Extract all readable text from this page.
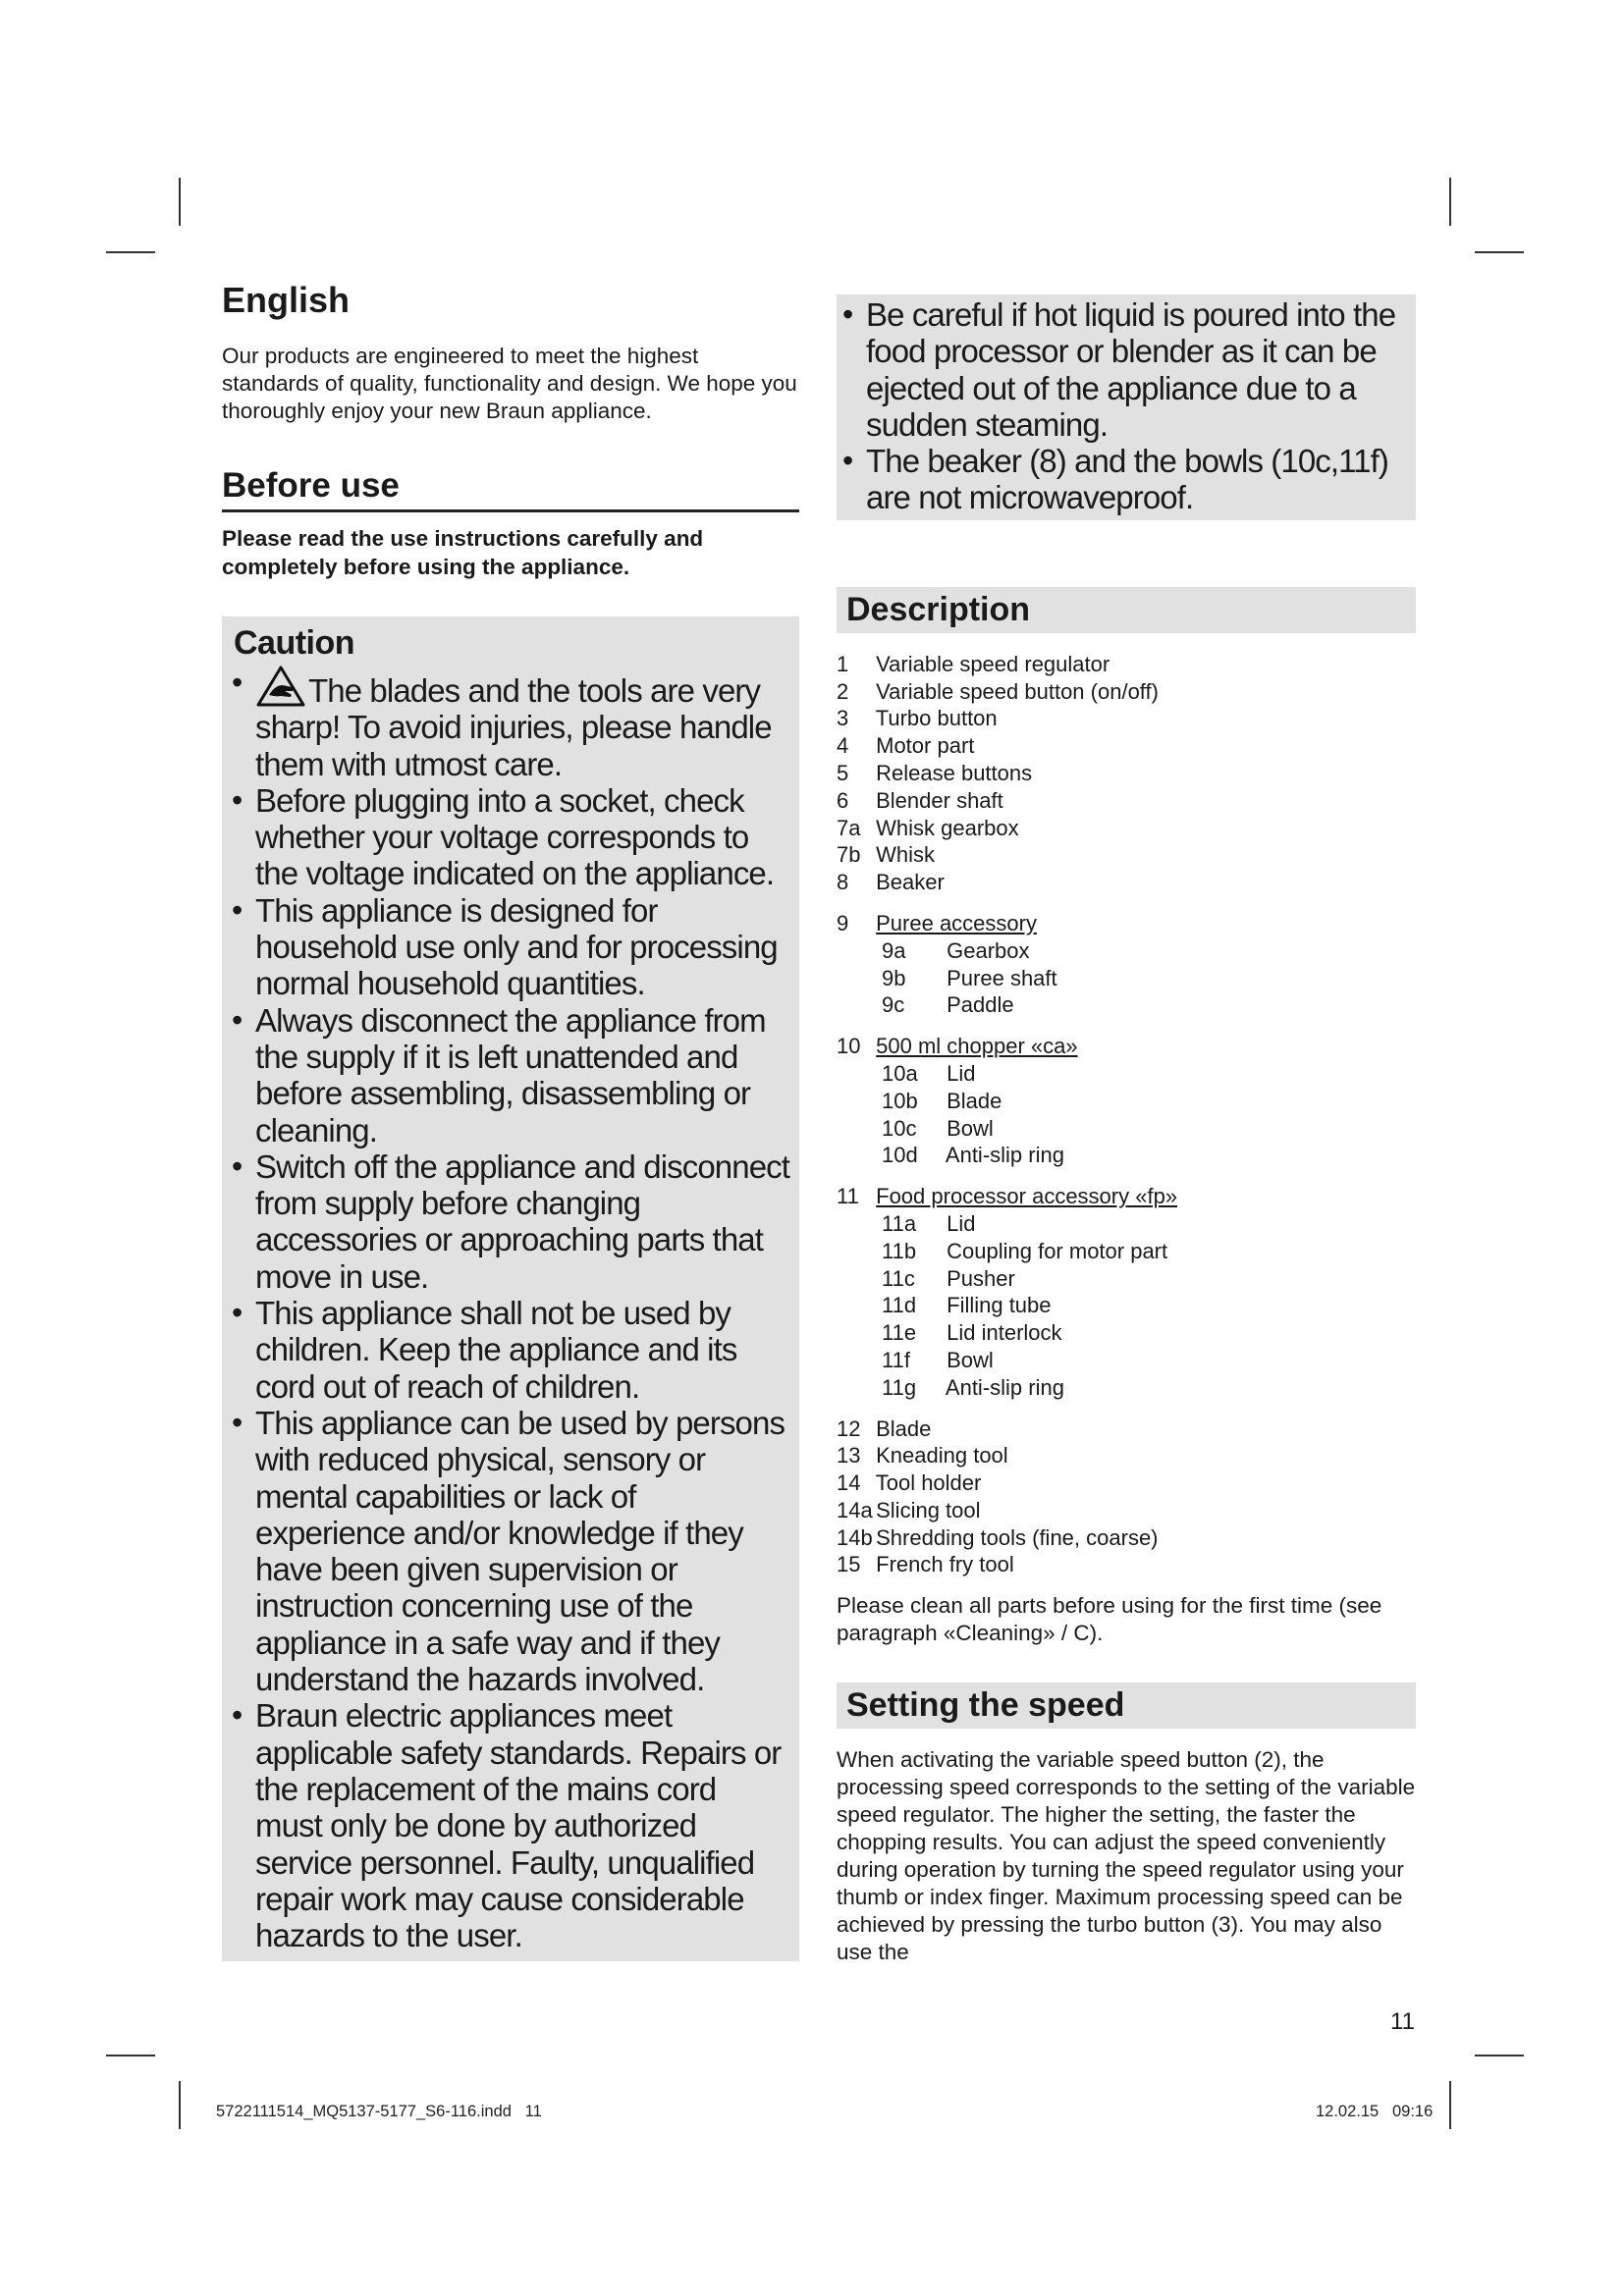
English

Our products are engineered to meet the highest standards of quality, functionality and design. We hope you thoroughly enjoy your new Braun appliance.

Before use

Please read the use instructions carefully and completely before using the appliance.

Caution
• The blades and the tools are very sharp! To avoid injuries, please handle them with utmost care.
• Before plugging into a socket, check whether your voltage corresponds to the voltage indicated on the appliance.
• This appliance is designed for household use only and for processing normal household quantities.
• Always disconnect the appliance from the supply if it is left unattended and before assembling, disassembling or cleaning.
• Switch off the appliance and disconnect from supply before changing accessories or approaching parts that move in use.
• This appliance shall not be used by children. Keep the appliance and its cord out of reach of children.
• This appliance can be used by persons with reduced physical, sensory or mental capabilities or lack of experience and/or knowledge if they have been given supervision or instruction concerning use of the appliance in a safe way and if they understand the hazards involved.
• Braun electric appliances meet applicable safety standards. Repairs or the replacement of the mains cord must only be done by authorized service personnel. Faulty, unqualified repair work may cause considerable hazards to the user.
• Be careful if hot liquid is poured into the food processor or blender as it can be ejected out of the appliance due to a sudden steaming.
• The beaker (8) and the bowls (10c,11f) are not microwaveproof.
Description
1 Variable speed regulator
2 Variable speed button (on/off)
3 Turbo button
4 Motor part
5 Release buttons
6 Blender shaft
7a Whisk gearbox
7b Whisk
8 Beaker
9 Puree accessory
9a Gearbox
9b Puree shaft
9c Paddle
10 500 ml chopper «ca»
10a Lid
10b Blade
10c Bowl
10d Anti-slip ring
11 Food processor accessory «fp»
11a Lid
11b Coupling for motor part
11c Pusher
11d Filling tube
11e Lid interlock
11f Bowl
11g Anti-slip ring
12 Blade
13 Kneading tool
14 Tool holder
14a Slicing tool
14b Shredding tools (fine, coarse)
15 French fry tool

Please clean all parts before using for the first time (see paragraph «Cleaning» / C).

Setting the speed

When activating the variable speed button (2), the processing speed corresponds to the setting of the variable speed regulator. The higher the setting, the faster the chopping results. You can adjust the speed conveniently during operation by turning the speed regulator using your thumb or index finger. Maximum processing speed can be achieved by pressing the turbo button (3). You may also use the

11
5722111514_MQ5137-5177_S6-116.indd   11	12.02.15   09:16
